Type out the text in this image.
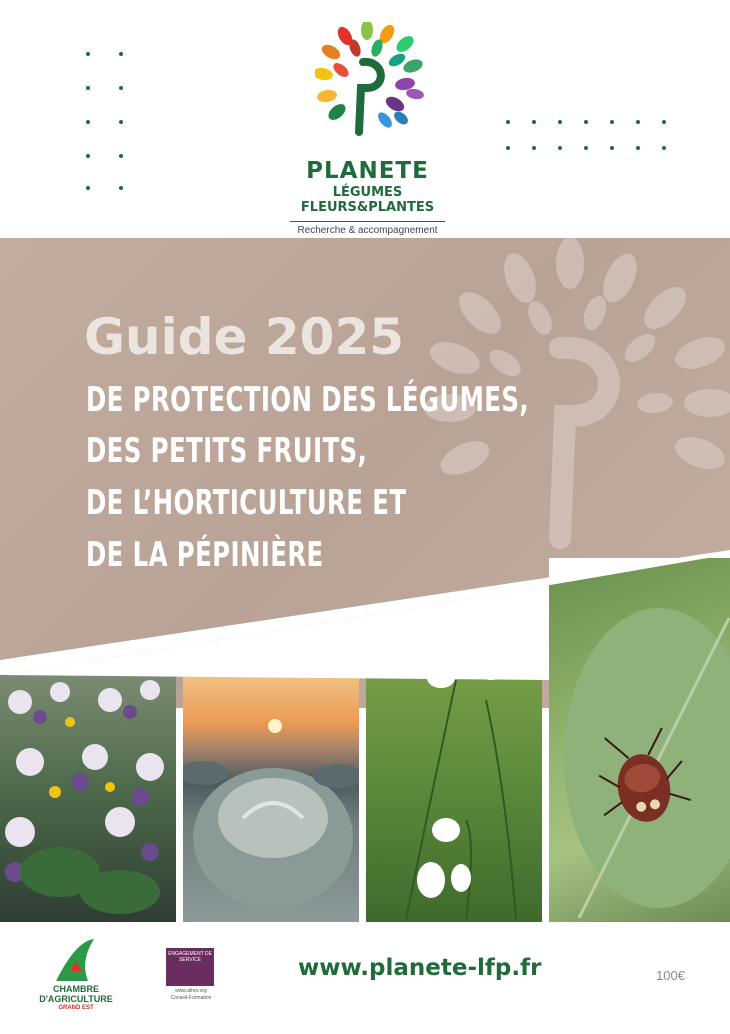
PLANETE
LÉGUMES
FLEURS&PLANTES
Recherche & accompagnement
Guide 2025
DE PROTECTION DES LÉGUMES,
DES PETITS FRUITS,
DE L’HORTICULTURE ET
DE LA PÉPINIÈRE
CHAMBRE
D'AGRICULTURE
GRAND EST
ENGAGEMENT DE SERVICE
www.afnor.org
Conseil-Formation
www.planete-lfp.fr	100€
